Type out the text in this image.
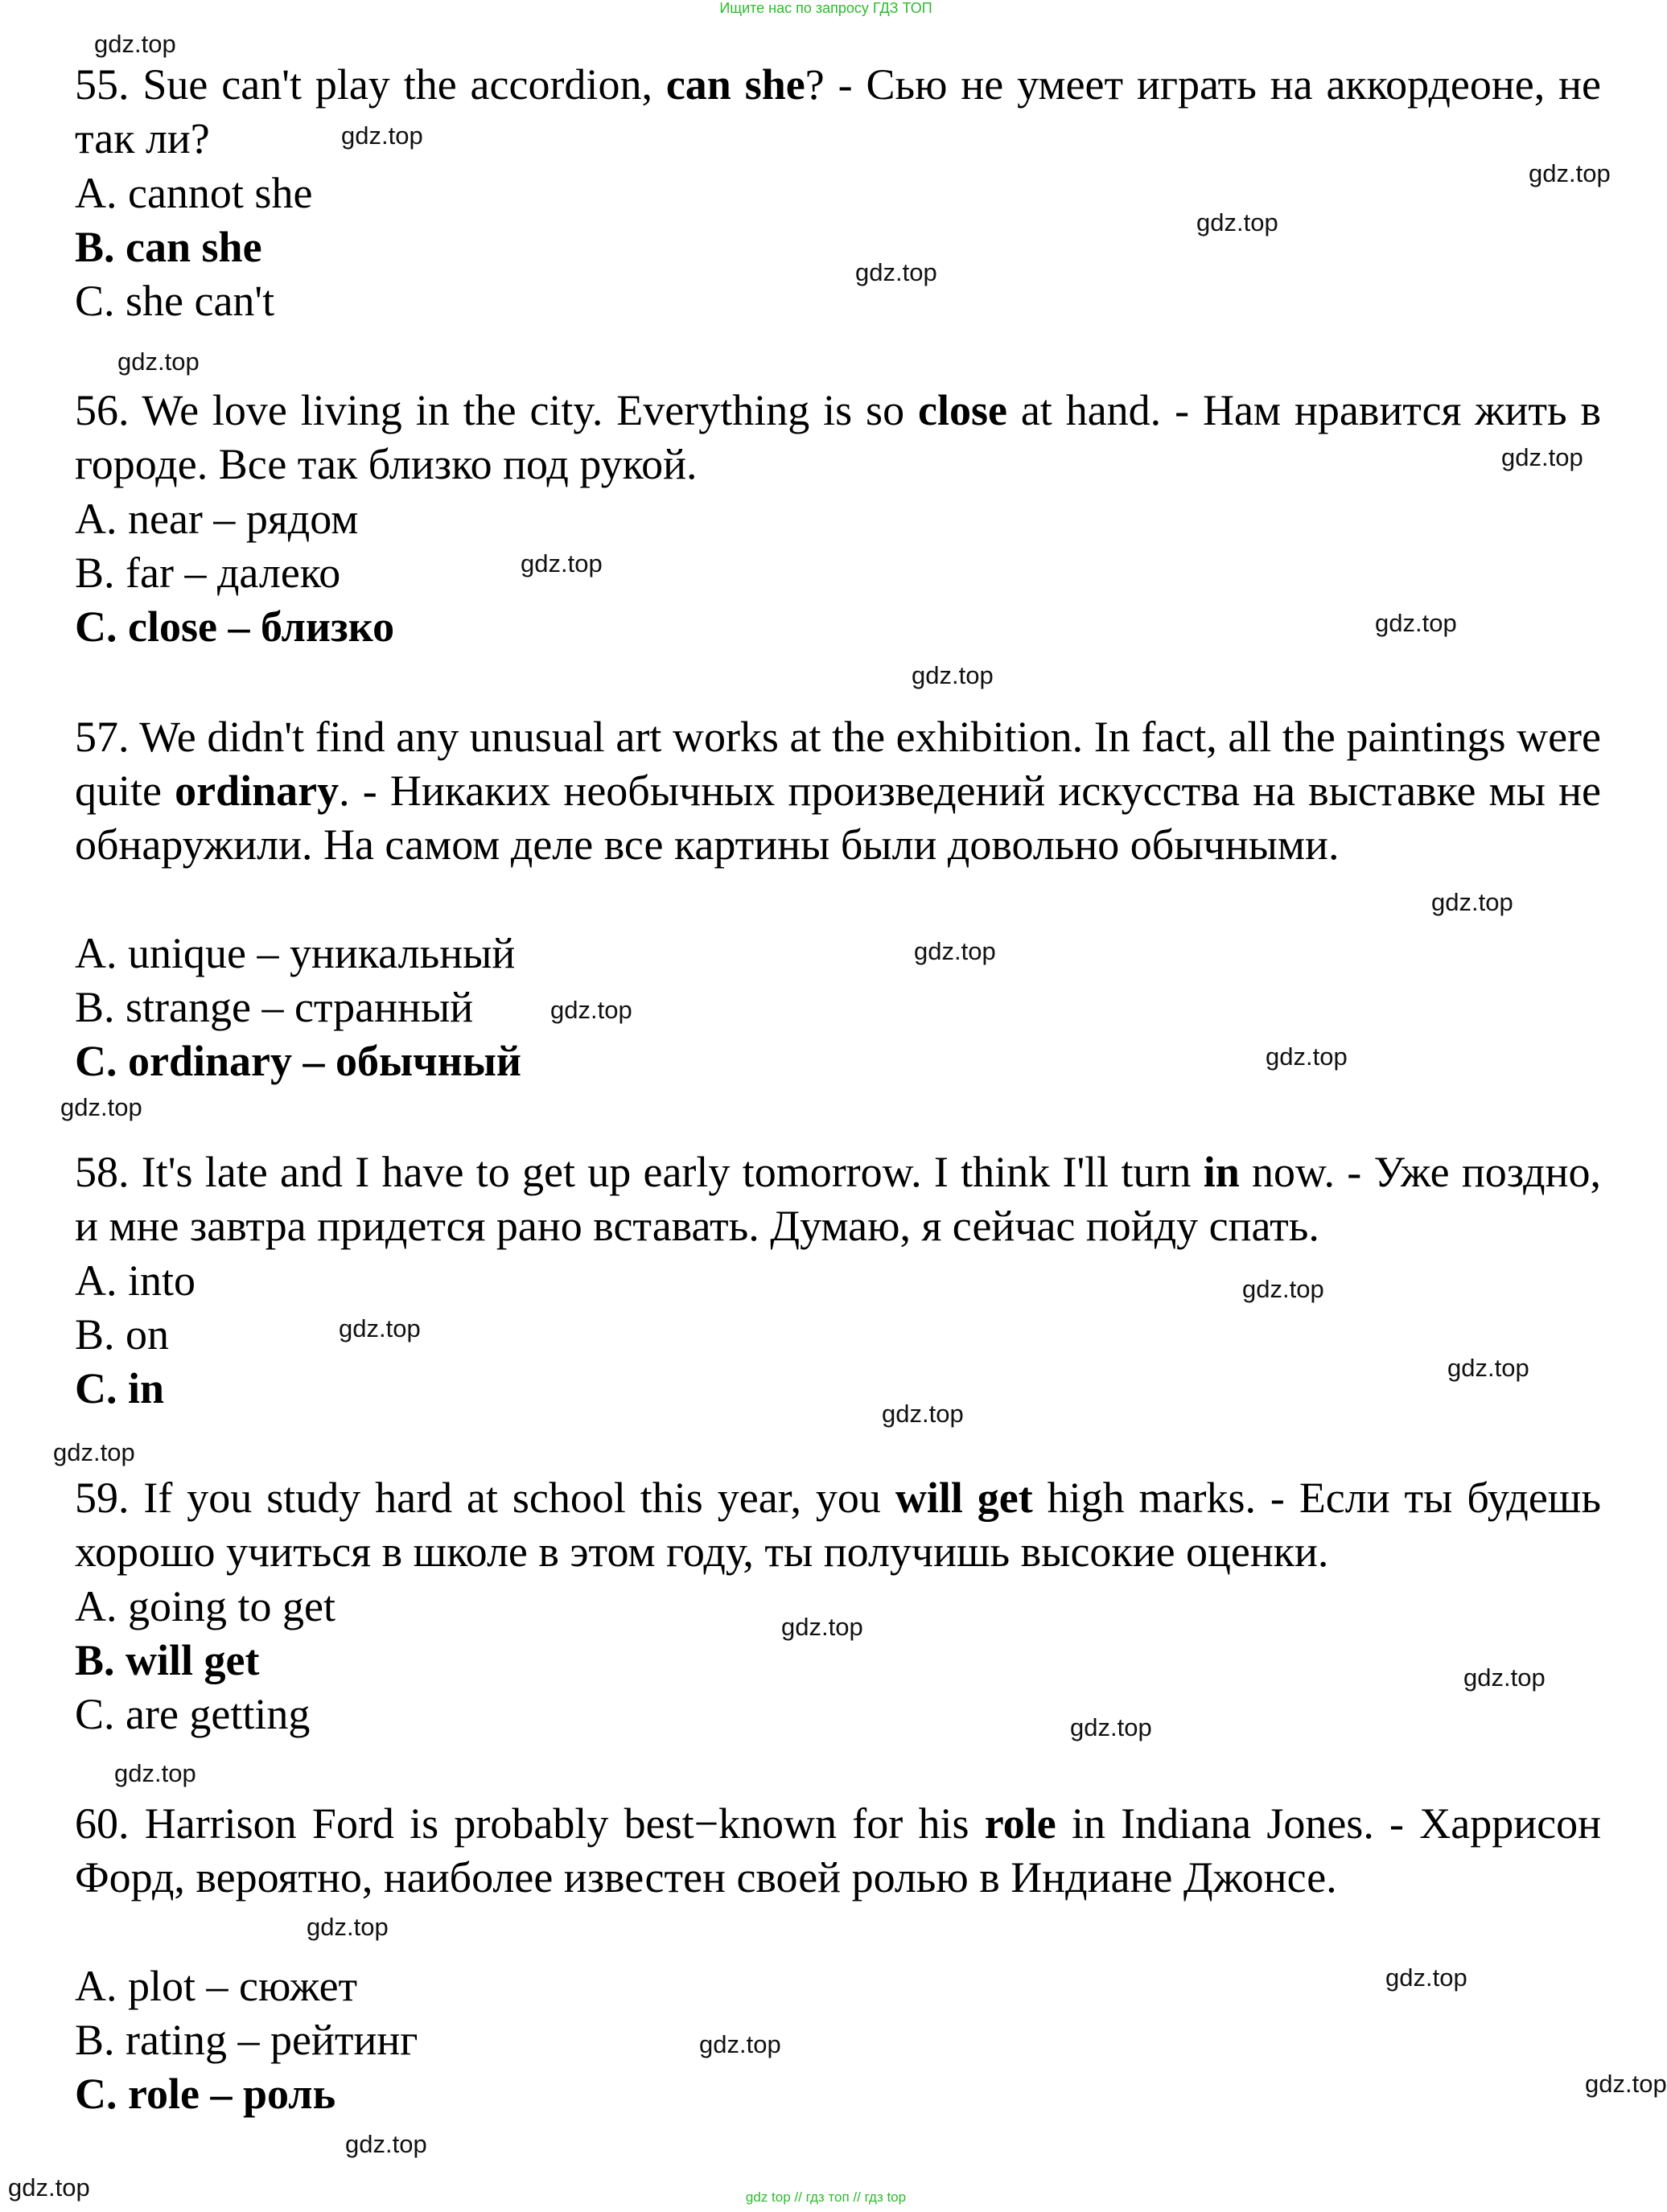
Ищите нас по запросу ГДЗ ТОП
55. Sue can't play the accordion, can she? - Сью не умеет играть на аккордеоне, не так ли?
A. cannot she
B. can she
C. she can't
56. We love living in the city. Everything is so close at hand. - Нам нравится жить в городе. Все так близко под рукой.
A. near – рядом
B. far – далеко
C. close – близко
57. We didn't find any unusual art works at the exhibition. In fact, all the paintings were quite ordinary. - Никаких необычных произведений искусства на выставке мы не обнаружили. На самом деле все картины были довольно обычными.
A. unique – уникальный
B. strange – странный
C. ordinary – обычный
58. It's late and I have to get up early tomorrow. I think I'll turn in now. - Уже поздно, и мне завтра придется рано вставать. Думаю, я сейчас пойду спать.
A. into
B. on
C. in
59. If you study hard at school this year, you will get high marks. - Если ты будешь хорошо учиться в школе в этом году, ты получишь высокие оценки.
A. going to get
B. will get
C. are getting
60. Harrison Ford is probably best−known for his role in Indiana Jones. - Харрисон Форд, вероятно, наиболее известен своей ролью в Индиане Джонсе.
A. plot – сюжет
B. rating – рейтинг
C. role – роль
gdz.top
gdz.top
gdz.top
gdz.top
gdz.top
gdz.top
gdz.top
gdz.top
gdz.top
gdz.top
gdz.top
gdz.top
gdz.top
gdz.top
gdz.top
gdz.top
gdz.top
gdz.top
gdz.top
gdz.top
gdz.top
gdz.top
gdz.top
gdz.top
gdz.top
gdz.top
gdz.top
gdz.top
gdz.top
gdz.top	gdz top // гдз топ // гдз top
